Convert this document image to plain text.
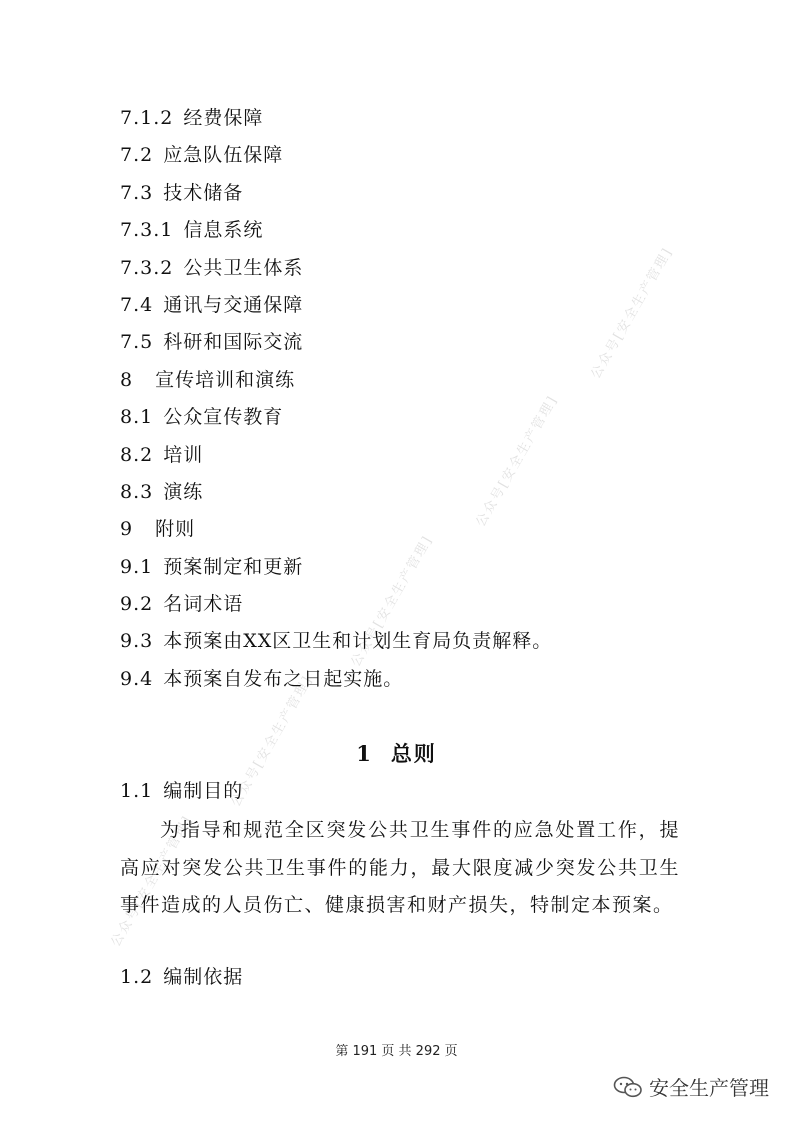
公众号[安全生产管理]
公众号[安全生产管理]
公众号[安全生产管理]
公众号[安全生产管理]
公众号[安全生产管理]
7.1.2 经费保障
7.2 应急队伍保障
7.3 技术储备
7.3.1 信息系统
7.3.2 公共卫生体系
7.4 通讯与交通保障
7.5 科研和国际交流
8 宣传培训和演练
8.1 公众宣传教育
8.2 培训
8.3 演练
9 附则
9.1 预案制定和更新
9.2 名词术语
9.3 本预案由XX区卫生和计划生育局负责解释。
9.4 本预案自发布之日起实施。
1 总则
1.1 编制目的

为指导和规范全区突发公共卫生事件的应急处置工作，提高应对突发公共卫生事件的能力，最大限度减少突发公共卫生事件造成的人员伤亡、健康损害和财产损失，特制定本预案。

1.2 编制依据
第 191 页 共 292 页
安全生产管理
